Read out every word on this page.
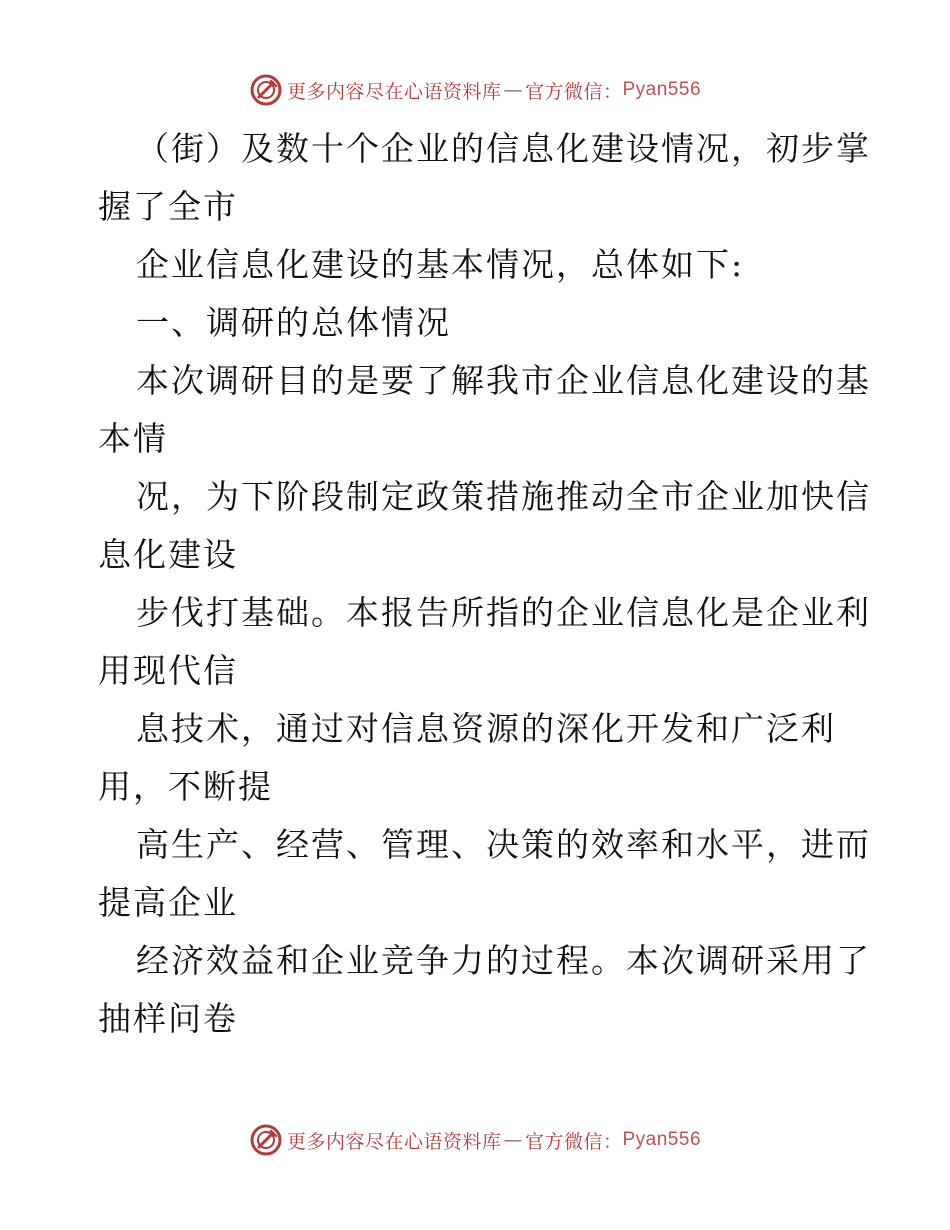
更多内容尽在心语资料库 — 官方微信： Pyan556

（街）及数十个企业的信息化建设情况，初步掌
握了全市

企业信息化建设的基本情况，总体如下:

一、调研的总体情况

本次调研目的是要了解我市企业信息化建设的基
本情

况，为下阶段制定政策措施推动全市企业加快信
息化建设

步伐打基础。本报告所指的企业信息化是企业利
用现代信

息技术，通过对信息资源的深化开发和广泛利
用，不断提

高生产、经营、管理、决策的效率和水平，进而
提高企业

经济效益和企业竞争力的过程。本次调研采用了
抽样问卷

更多内容尽在心语资料库 — 官方微信： Pyan556
